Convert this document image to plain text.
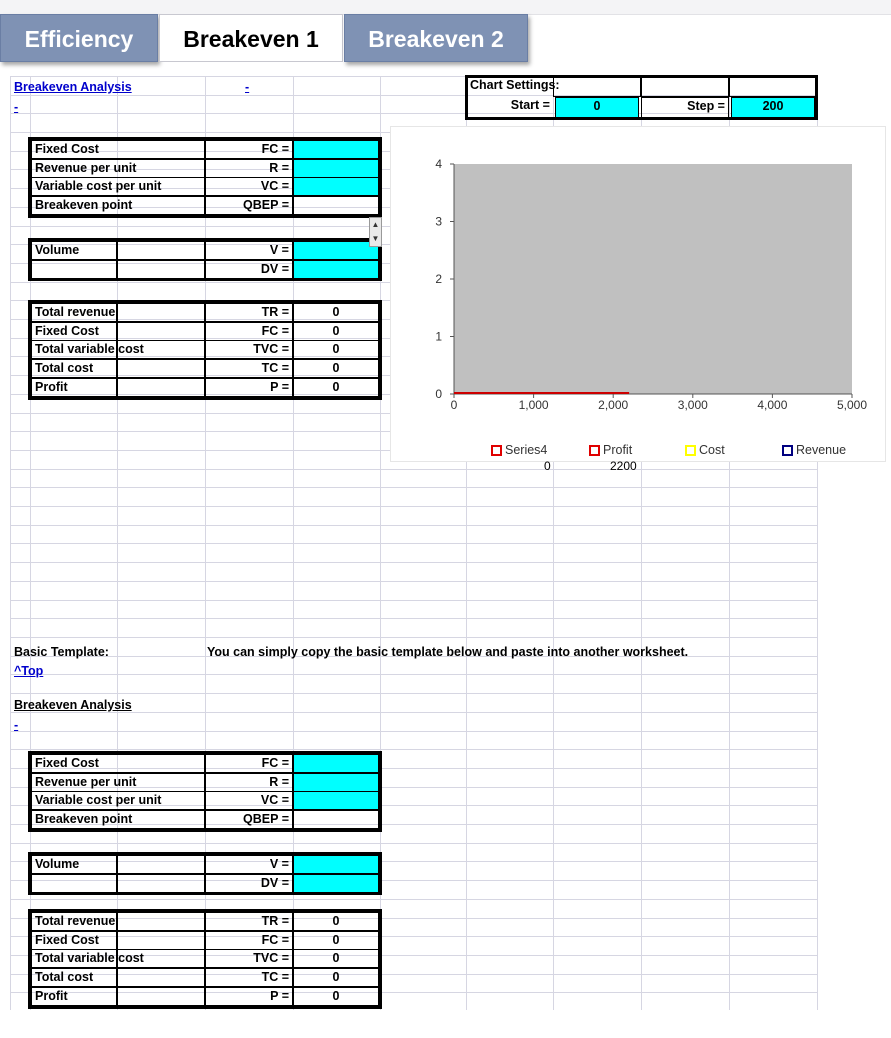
Efficiency	Breakeven 1	Breakeven 2
Breakeven Analysis	-
-
Chart Settings:
Start =	0	Step =	200
Fixed Cost	FC =
Revenue per unit	R =
Variable cost per unit	VC =
Breakeven point	QBEP =
Volume	V =
DV =
Total revenue	TR =	0
Fixed Cost	FC =	0
Total variable cost	TVC =	0
Total cost	TC =	0
Profit	P =	0
▲
▼
0
1
2
3
4
0	1,000	2,000	3,000	4,000	5,000
Series4	Profit	Cost	Revenue
0	2200
Basic Template:	You can simply copy the basic template below and paste into another worksheet.
^Top
Breakeven Analysis
-
Fixed Cost	FC =
Revenue per unit	R =
Variable cost per unit	VC =
Breakeven point	QBEP =
Volume	V =
DV =
Total revenue	TR =	0
Fixed Cost	FC =	0
Total variable cost	TVC =	0
Total cost	TC =	0
Profit	P =	0
